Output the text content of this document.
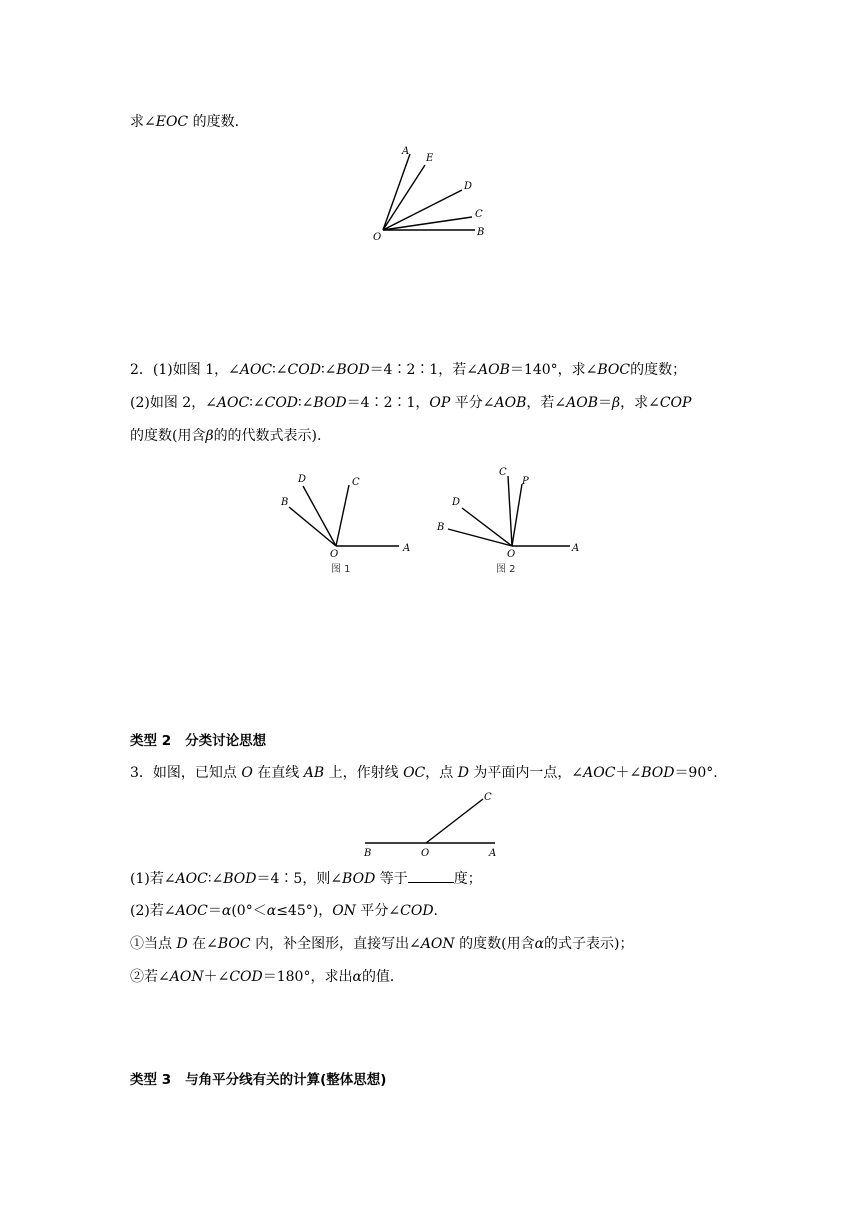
求∠EOC 的度数．
A
E
D
C
B
O
2．(1)如图 1，∠AOC∶∠COD∶∠BOD＝4∶2∶1，若∠AOB＝140°，求∠BOC的度数；
(2)如图 2，∠AOC∶∠COD∶∠BOD＝4∶2∶1，OP 平分∠AOB，若∠AOB＝β，求∠COP
的度数(用含β的的代数式表示).
D
B
C
O
A
图 1
C
P
D
B
O
A
图 2
类型 2 分类讨论思想
3．如图，已知点 O 在直线 AB 上，作射线 OC，点 D 为平面内一点，∠AOC＋∠BOD＝90°.
C
B	O	A
(1)若∠AOC∶∠BOD＝4∶5，则∠BOD 等于	度；
(2)若∠AOC＝α(0°＜α≤45°)，ON 平分∠COD.
①当点 D 在∠BOC 内，补全图形，直接写出∠AON 的度数(用含α的式子表示)；
②若∠AON＋∠COD＝180°，求出α的值．
类型 3 与角平分线有关的计算(整体思想)
